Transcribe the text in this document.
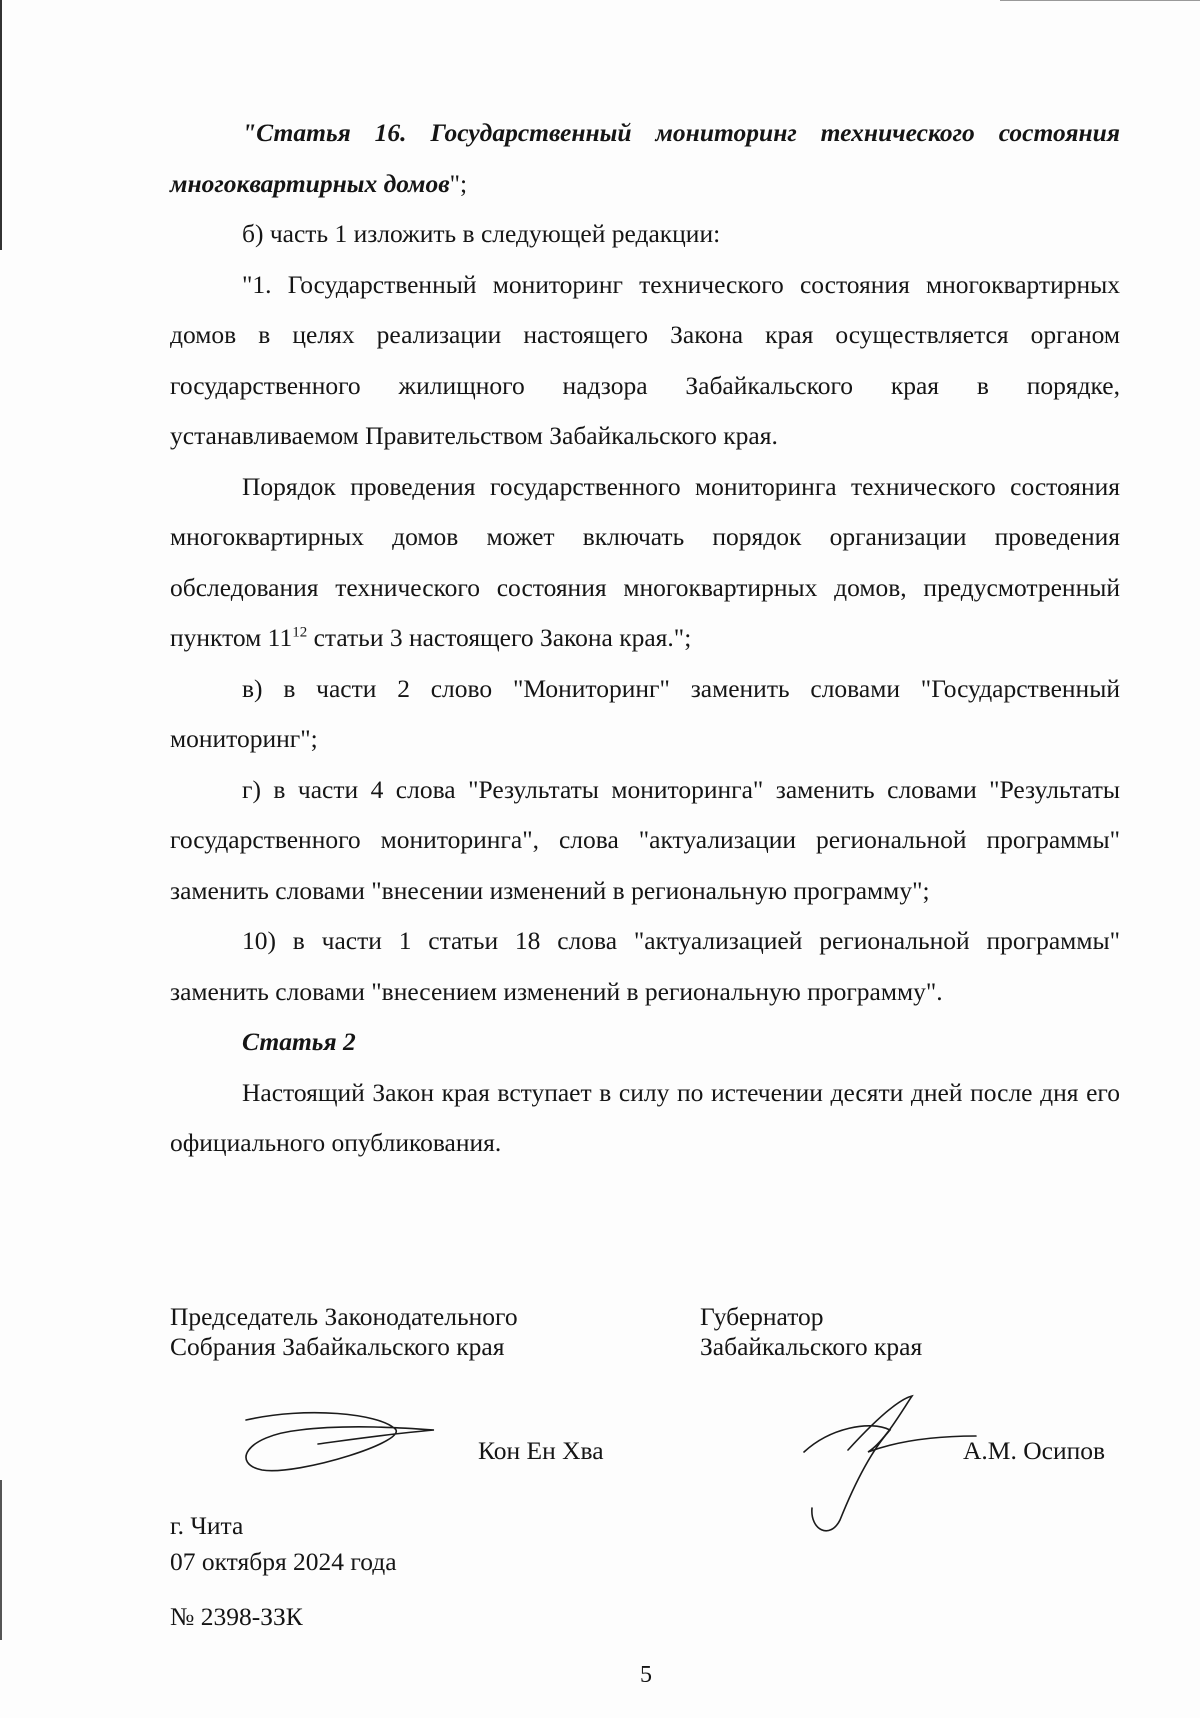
"Статья 16. Государственный мониторинг технического состояния многоквартирных домов";

б) часть 1 изложить в следующей редакции:

"1. Государственный мониторинг технического состояния многоквартирных домов в целях реализации настоящего Закона края осуществляется органом государственного жилищного надзора Забайкальского края в порядке, устанавливаемом Правительством Забайкальского края.

Порядок проведения государственного мониторинга технического состояния многоквартирных домов может включать порядок организации проведения обследования технического состояния многоквартирных домов, предусмотренный пунктом $11^{12}$ статьи 3 настоящего Закона края.";

в) в части 2 слово "Мониторинг" заменить словами "Государственный мониторинг";

г) в части 4 слова "Результаты мониторинга" заменить словами "Результаты государственного мониторинга", слова "актуализации региональной программы" заменить словами "внесении изменений в региональную программу";

10) в части 1 статьи 18 слова "актуализацией региональной программы" заменить словами "внесением изменений в региональную программу".

Статья 2

Настоящий Закон края вступает в силу по истечении десяти дней после дня его официального опубликования.

Председатель Законодательного
Собрания Забайкальского края
Губернатор
Забайкальского края
Кон Ен Хва	А.М. Осипов
г. Чита
07 октября 2024 года
№ 2398-ЗЗК
5
